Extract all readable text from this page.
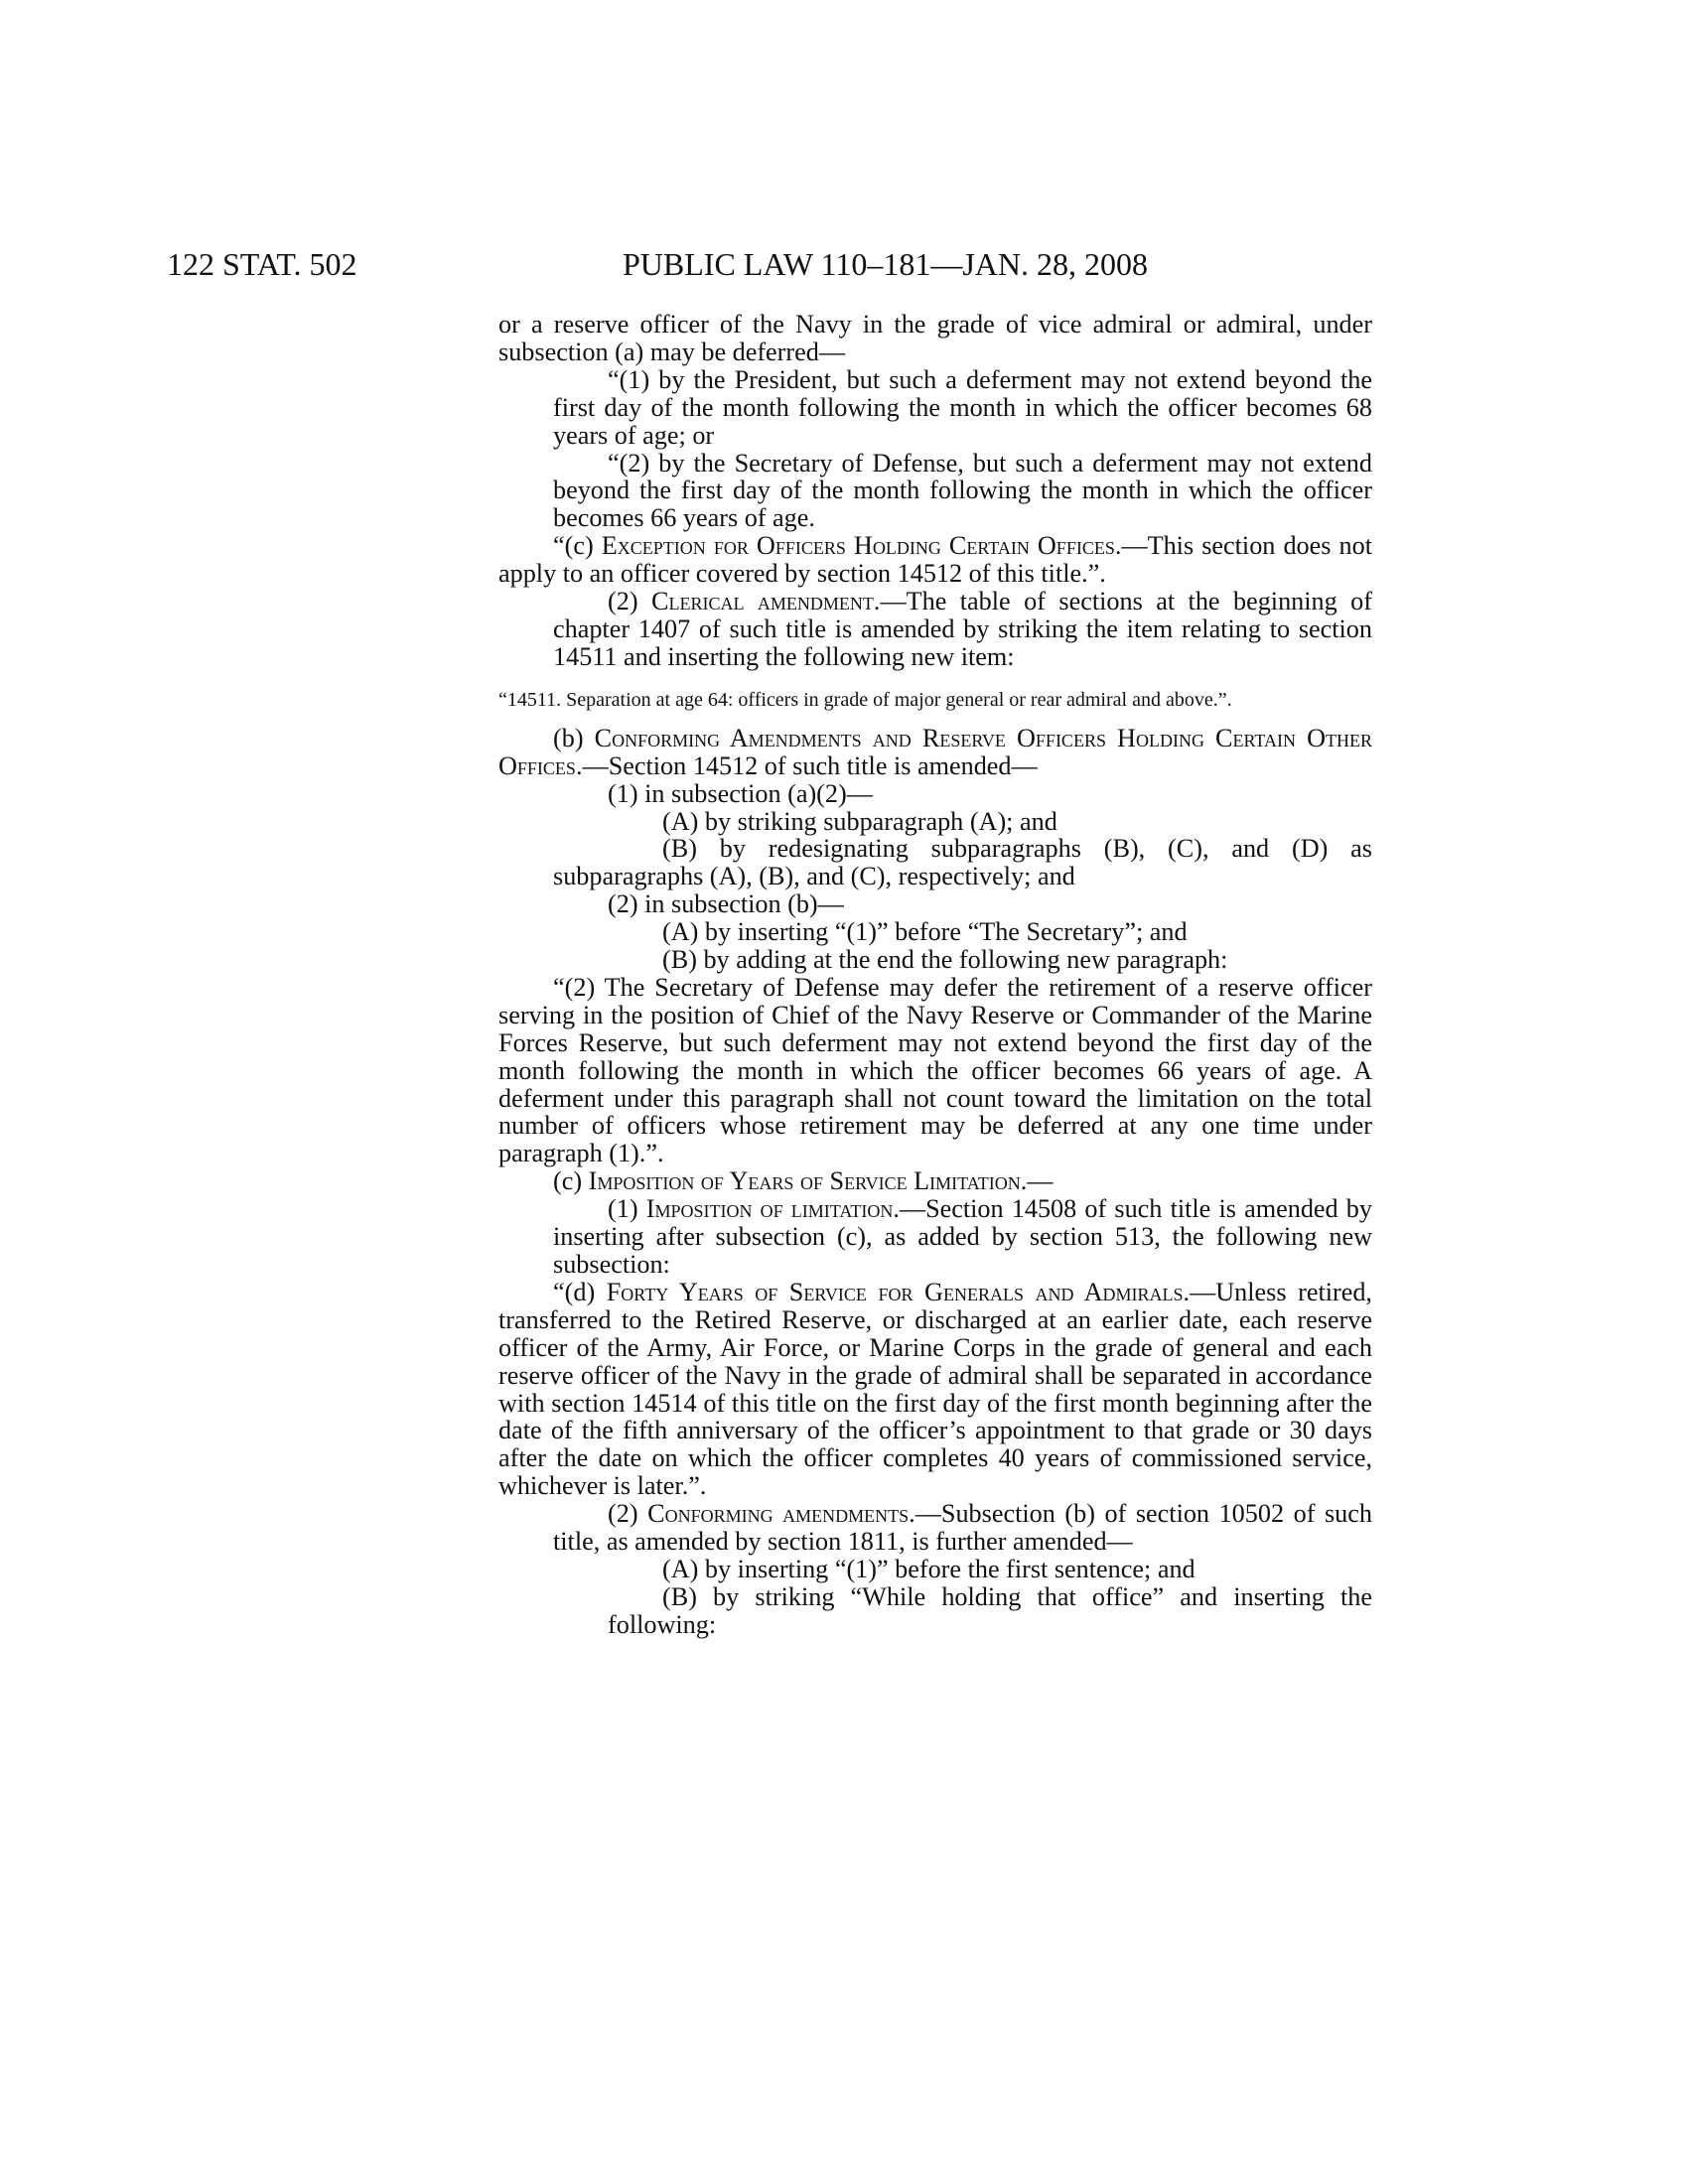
122 STAT. 502	PUBLIC LAW 110–181—JAN. 28, 2008

or a reserve officer of the Navy in the grade of vice admiral or admiral, under subsection (a) may be deferred—

“(1) by the President, but such a deferment may not extend beyond the first day of the month following the month in which the officer becomes 68 years of age; or

“(2) by the Secretary of Defense, but such a deferment may not extend beyond the first day of the month following the month in which the officer becomes 66 years of age.

“(c) Exception for Officers Holding Certain Offices.—This section does not apply to an officer covered by section 14512 of this title.”.

(2) Clerical amendment.—The table of sections at the beginning of chapter 1407 of such title is amended by striking the item relating to section 14511 and inserting the following new item:

“14511. Separation at age 64: officers in grade of major general or rear admiral and above.”.

(b) Conforming Amendments and Reserve Officers Holding Certain Other Offices.—Section 14512 of such title is amended—

(1) in subsection (a)(2)—

(A) by striking subparagraph (A); and

(B) by redesignating subparagraphs (B), (C), and (D) as subparagraphs (A), (B), and (C), respectively; and

(2) in subsection (b)—

(A) by inserting “(1)” before “The Secretary”; and

(B) by adding at the end the following new paragraph:

“(2) The Secretary of Defense may defer the retirement of a reserve officer serving in the position of Chief of the Navy Reserve or Commander of the Marine Forces Reserve, but such deferment may not extend beyond the first day of the month following the month in which the officer becomes 66 years of age. A deferment under this paragraph shall not count toward the limitation on the total number of officers whose retirement may be deferred at any one time under paragraph (1).”.

(c) Imposition of Years of Service Limitation.—

(1) Imposition of limitation.—Section 14508 of such title is amended by inserting after subsection (c), as added by section 513, the following new subsection:

“(d) Forty Years of Service for Generals and Admirals.—Unless retired, transferred to the Retired Reserve, or discharged at an earlier date, each reserve officer of the Army, Air Force, or Marine Corps in the grade of general and each reserve officer of the Navy in the grade of admiral shall be separated in accordance with section 14514 of this title on the first day of the first month beginning after the date of the fifth anniversary of the officer’s appointment to that grade or 30 days after the date on which the officer completes 40 years of commissioned service, whichever is later.”.

(2) Conforming amendments.—Subsection (b) of section 10502 of such title, as amended by section 1811, is further amended—

(A) by inserting “(1)” before the first sentence; and

(B) by striking “While holding that office” and inserting the following:
